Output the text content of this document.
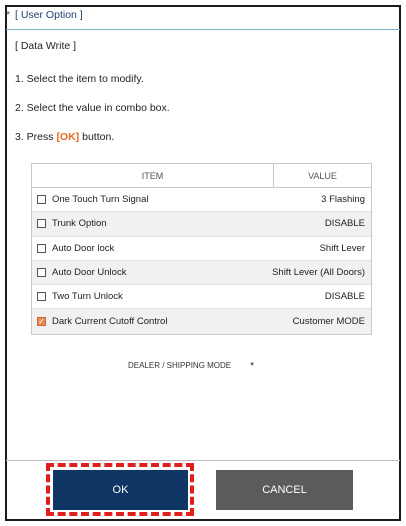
* [ User Option ]
[ Data Write ]
1. Select the item to modify.
2. Select the value in combo box.
3. Press [OK] button.
ITEM	VALUE
One Touch Turn Signal	3 Flashing
Trunk Option	DISABLE
Auto Door lock	Shift Lever
Auto Door Unlock	Shift Lever (All Doors)
Two Turn Unlock	DISABLE
✓ Dark Current Cutoff Control	Customer MODE
DEALER / SHIPPING MODE	▼
OK	CANCEL
